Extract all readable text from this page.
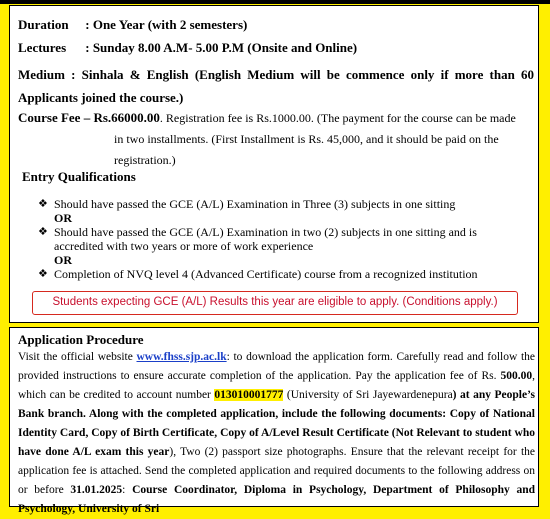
Duration : One Year (with 2 semesters)
Lectures : Sunday 8.00 A.M- 5.00 P.M (Onsite and Online)
Medium : Sinhala & English (English Medium will be commence only if more than 60 Applicants joined the course.)
Course Fee – Rs.66000.00. Registration fee is Rs.1000.00. (The payment for the course can be made
in two installments. (First Installment is Rs. 45,000, and it should be paid on the
registration.)
Entry Qualifications
❖ Should have passed the GCE (A/L) Examination in Three (3) subjects in one sitting
OR
❖ Should have passed the GCE (A/L) Examination in two (2) subjects in one sitting and is accredited with two years or more of work experience
OR
❖ Completion of NVQ level 4 (Advanced Certificate) course from a recognized institution
Students expecting GCE (A/L) Results this year are eligible to apply. (Conditions apply.)
Application Procedure
Visit the official website www.fhss.sjp.ac.lk: to download the application form. Carefully read and follow the provided instructions to ensure accurate completion of the application. Pay the application fee of Rs. 500.00, which can be credited to account number 013010001777 (University of Sri Jayewardenepura) at any People’s Bank branch. Along with the completed application, include the following documents: Copy of National Identity Card, Copy of Birth Certificate, Copy of A/Level Result Certificate (Not Relevant to student who have done A/L exam this year), Two (2) passport size photographs. Ensure that the relevant receipt for the application fee is attached. Send the completed application and required documents to the following address on or before 31.01.2025: Course Coordinator, Diploma in Psychology, Department of Philosophy and Psychology, University of Sri
